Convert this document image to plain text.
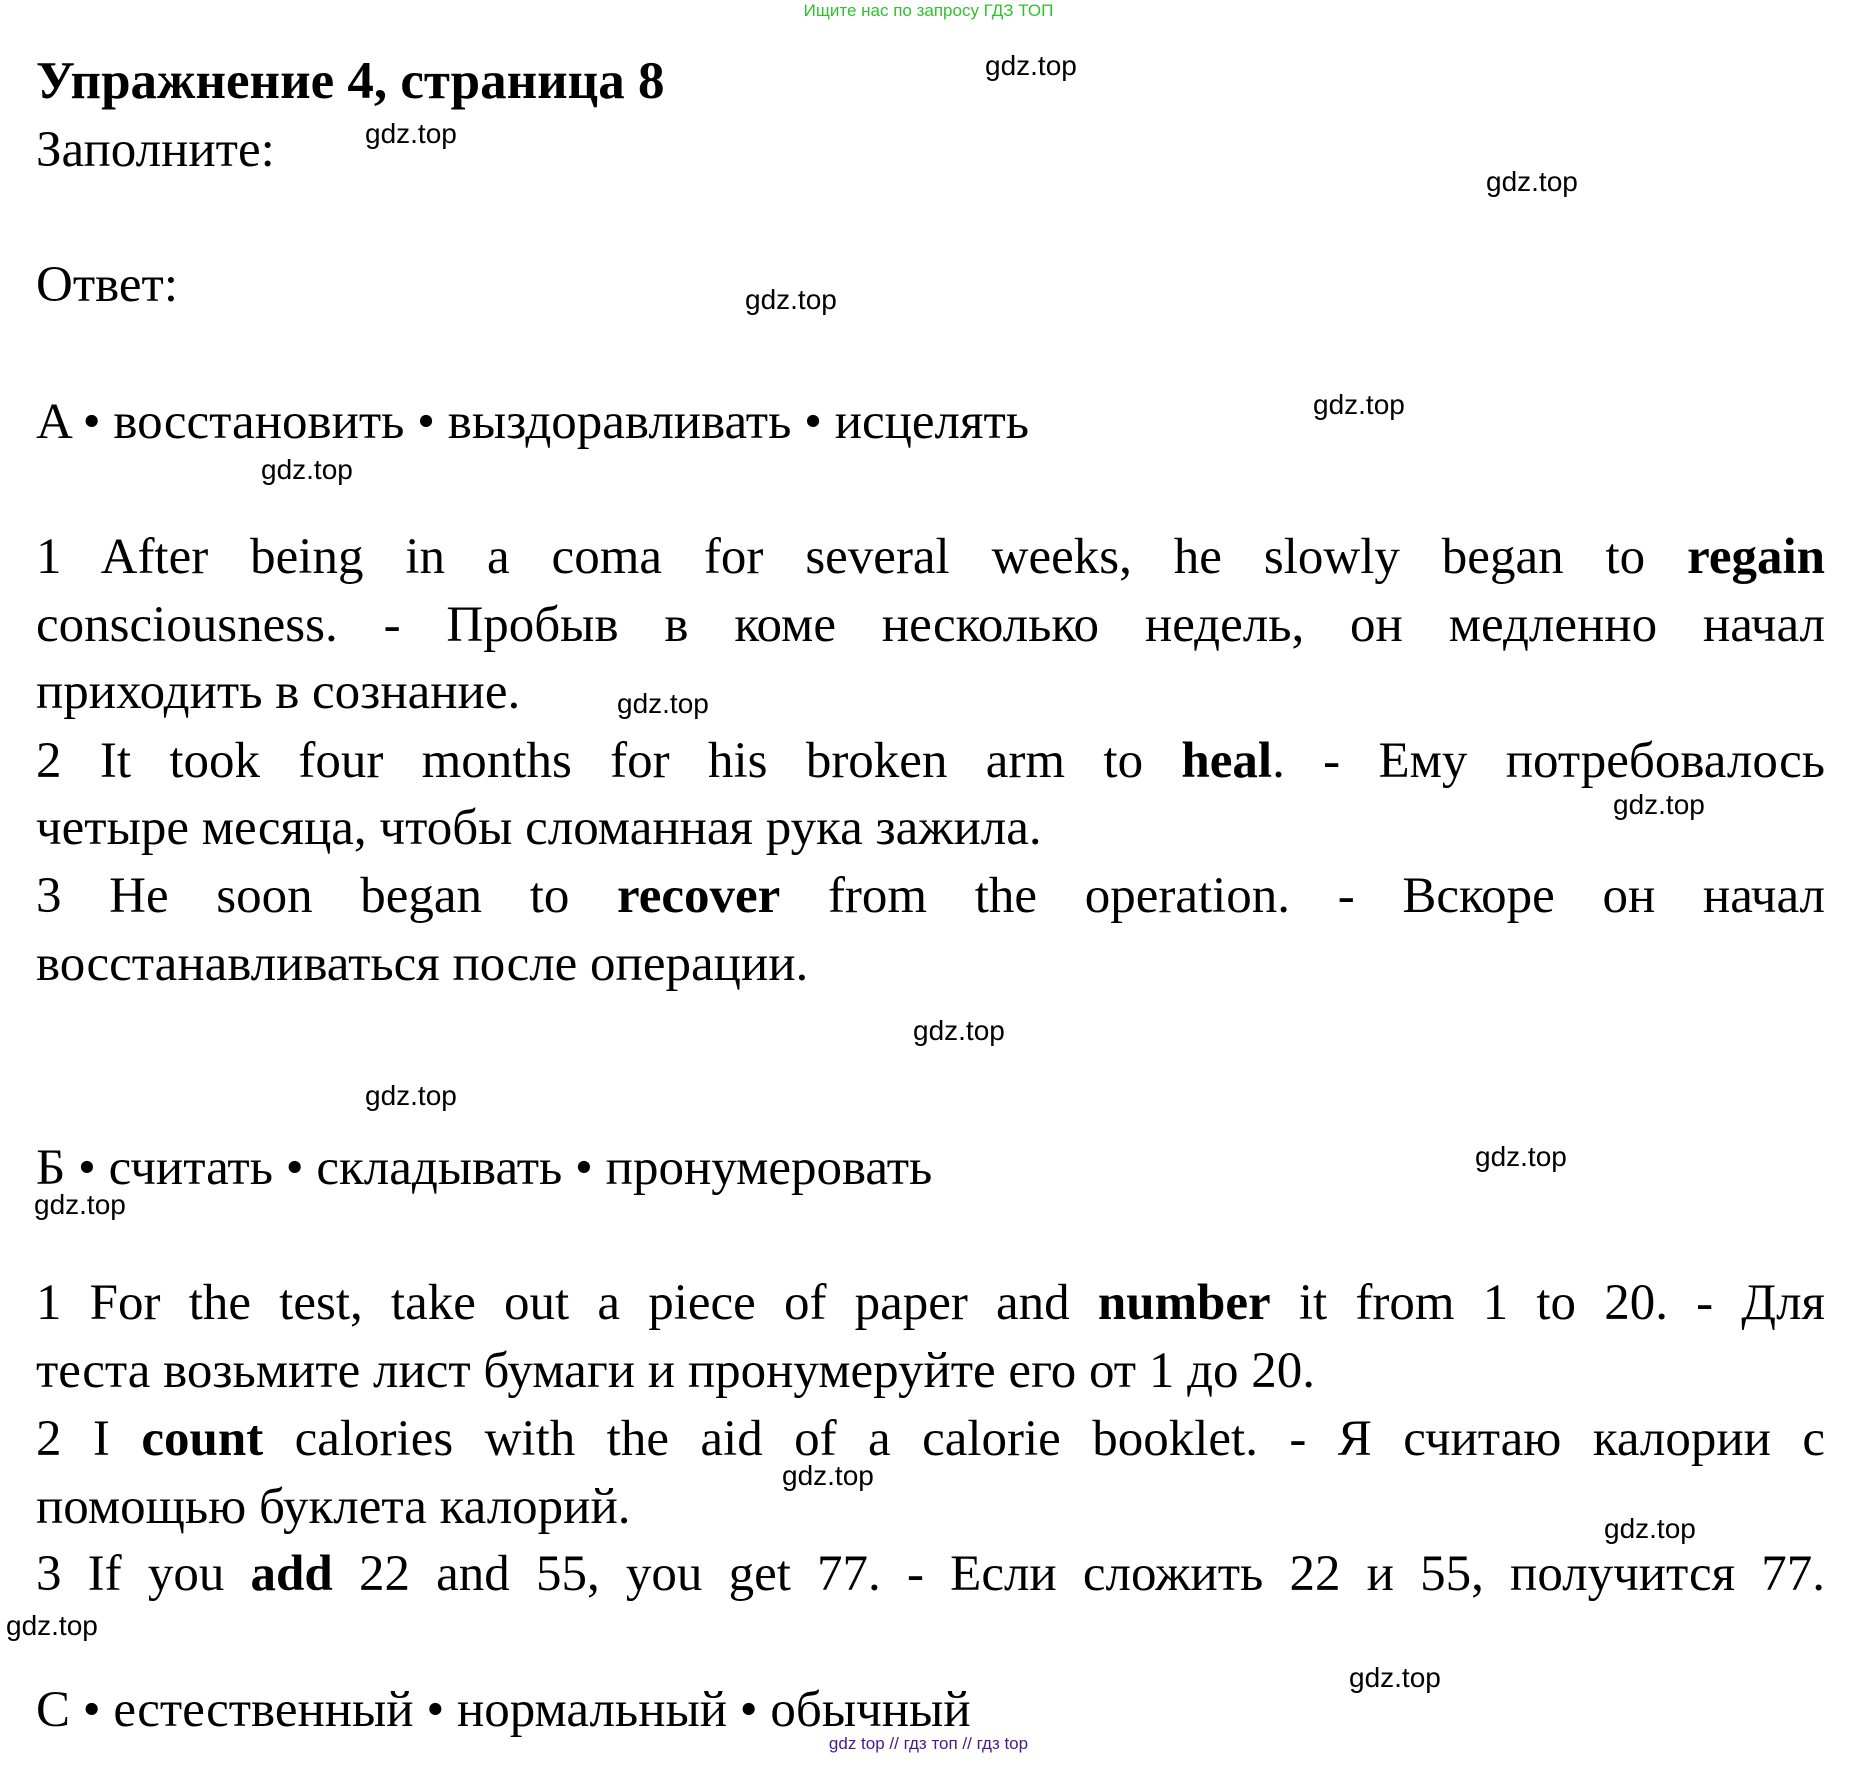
Ищите нас по запросу ГДЗ ТОП
Упражнение 4, страница 8
Заполните:
Ответ:
A • восстановить • выздоравливать • исцелять
1 After being in a coma for several weeks, he slowly began to regain
consciousness. - Пробыв в коме несколько недель, он медленно начал
приходить в сознание.
2 It took four months for his broken arm to heal. - Ему потребовалось
четыре месяца, чтобы сломанная рука зажила.
3 He soon began to recover from the operation. - Вскоре он начал
восстанавливаться после операции.
Б • считать • складывать • пронумеровать
1 For the test, take out a piece of paper and number it from 1 to 20. - Для
теста возьмите лист бумаги и пронумеруйте его от 1 до 20.
2 I count calories with the aid of a calorie booklet. - Я считаю калории с
помощью буклета калорий.
3 If you add 22 and 55, you get 77. - Если сложить 22 и 55, получится 77.
C • естественный • нормальный • обычный
gdz.top
gdz.top
gdz.top
gdz.top
gdz.top
gdz.top
gdz.top
gdz.top
gdz.top
gdz.top
gdz.top
gdz.top
gdz.top
gdz.top
gdz.top
gdz.top
gdz top // гдз топ // гдз top
